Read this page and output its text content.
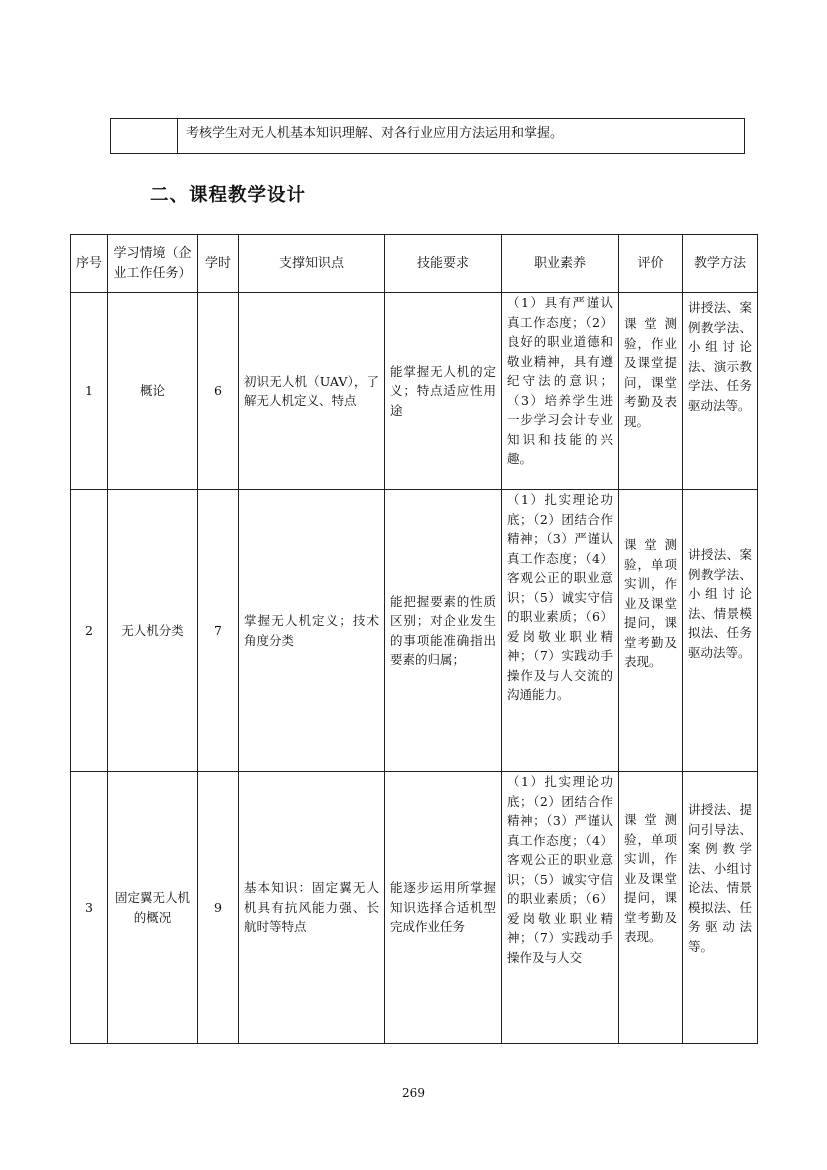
	考核学生对无人机基本知识理解、对各行业应用方法运用和掌握。
二、课程教学设计
序号	学习情境（企业工作任务）	学时	支撑知识点	技能要求	职业素养	评价	教学方法
1	概论	6	初识无人机（UAV），了解无人机定义、特点	能掌握无人机的定义；特点适应性用途	（1）具有严谨认真工作态度；（2）良好的职业道德和敬业精神，具有遵纪守法的意识；（3）培养学生进一步学习会计专业知识和技能的兴趣。	课堂测验，作业及课堂提问，课堂考勤及表现。	讲授法、案例教学法、小组讨论法、演示教学法、任务驱动法等。
2	无人机分类	7	掌握无人机定义；技术角度分类	能把握要素的性质区别；对企业发生的事项能准确指出要素的归属；	（1）扎实理论功底；（2）团结合作精神；（3）严谨认真工作态度；（4）客观公正的职业意识；（5）诚实守信的职业素质；（6）爱岗敬业职业精神；（7）实践动手操作及与人交流的沟通能力。	课堂测验，单项实训，作业及课堂提问，课堂考勤及表现。	讲授法、案例教学法、小组讨论法、情景模拟法、任务驱动法等。
3	固定翼无人机的概况	9	基本知识：固定翼无人机具有抗风能力强、长航时等特点	能逐步运用所掌握知识选择合适机型完成作业任务	（1）扎实理论功底；（2）团结合作精神；（3）严谨认真工作态度；（4）客观公正的职业意识；（5）诚实守信的职业素质；（6）爱岗敬业职业精神；（7）实践动手操作及与人交	课堂测验，单项实训，作业及课堂提问，课堂考勤及表现。	讲授法、提问引导法、案例教学法、小组讨论法、情景模拟法、任务驱动法等。
269
